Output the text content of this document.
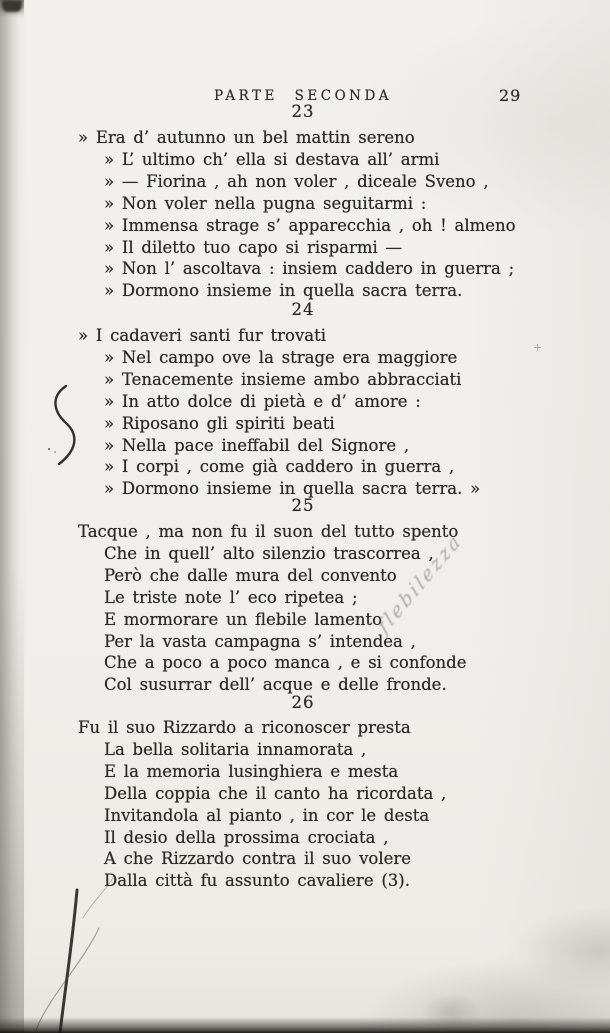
PARTE SECONDA	29
23
» Era d’ autunno un bel mattin sereno
» L’ ultimo ch’ ella si destava all’ armi
» — Fiorina , ah non voler , diceale Sveno ,
» Non voler nella pugna seguitarmi :
» Immensa strage s’ apparecchia , oh ! almeno
» Il diletto tuo capo si risparmi —
» Non l’ ascoltava : insiem caddero in guerra ;
» Dormono insieme in quella sacra terra.
24
» I cadaveri santi fur trovati
» Nel campo ove la strage era maggiore
» Tenacemente insieme ambo abbracciati
» In atto dolce di pietà e d’ amore :
» Riposano gli spiriti beati
» Nella pace ineffabil del Signore ,
» I corpi , come già caddero in guerra ,
» Dormono insieme in quella sacra terra. »
25
Tacque , ma non fu il suon del tutto spento
Che in quell’ alto silenzio trascorrea ,
Però che dalle mura del convento
Le triste note l’ eco ripetea ;
E mormorare un flebile lamento
Per la vasta campagna s’ intendea ,
Che a poco a poco manca , e si confonde
Col susurrar dell’ acque e delle fronde.
26
Fu il suo Rizzardo a riconoscer presta
La bella solitaria innamorata ,
E la memoria lusinghiera e mesta
Della coppia che il canto ha ricordata ,
Invitandola al pianto , in cor le desta
Il desio della prossima crociata ,
A che Rizzardo contra il suo volere
Dalla città fu assunto cavaliere (3).
flebilezza
+
